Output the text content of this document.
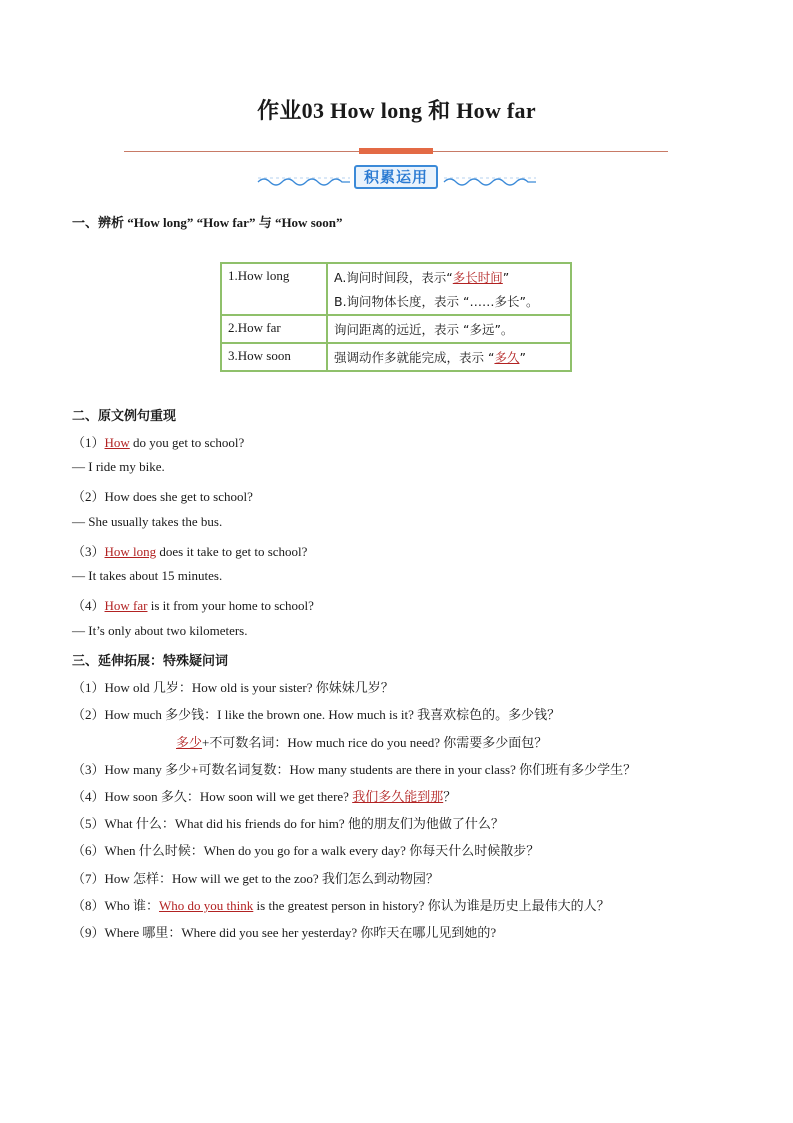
作业03 How long 和 How far
积累运用
一、辨析 “How long” “How far” 与 “How soon”
1.How long	A.询问时间段，表示“多长时间”
B.询问物体长度，表示 “……多长”。

2.How far	询问距离的远近，表示 “多远”。
3.How soon	强调动作多就能完成，表示 “多久”
二、原文例句重现
（1）How do you get to school?
— I ride my bike.
（2）How does she get to school?
— She usually takes the bus.
（3）How long does it take to get to school?
— It takes about 15 minutes.
（4）How far is it from your home to school?
— It’s only about two kilometers.
三、延伸拓展：特殊疑问词
（1）How old 几岁：How old is your sister? 你妹妹几岁？
（2）How much 多少钱：I like the brown one. How much is it? 我喜欢棕色的。多少钱？
多少+不可数名词：How much rice do you need? 你需要多少面包？
（3）How many 多少+可数名词复数：How many students are there in your class? 你们班有多少学生？
（4）How soon 多久：How soon will we get there? 我们多久能到那？
（5）What 什么：What did his friends do for him? 他的朋友们为他做了什么？
（6）When 什么时候：When do you go for a walk every day? 你每天什么时候散步？
（7）How 怎样：How will we get to the zoo? 我们怎么到动物园？
（8）Who 谁：Who do you think is the greatest person in history? 你认为谁是历史上最伟大的人？
（9）Where 哪里：Where did you see her yesterday? 你昨天在哪儿见到她的?
